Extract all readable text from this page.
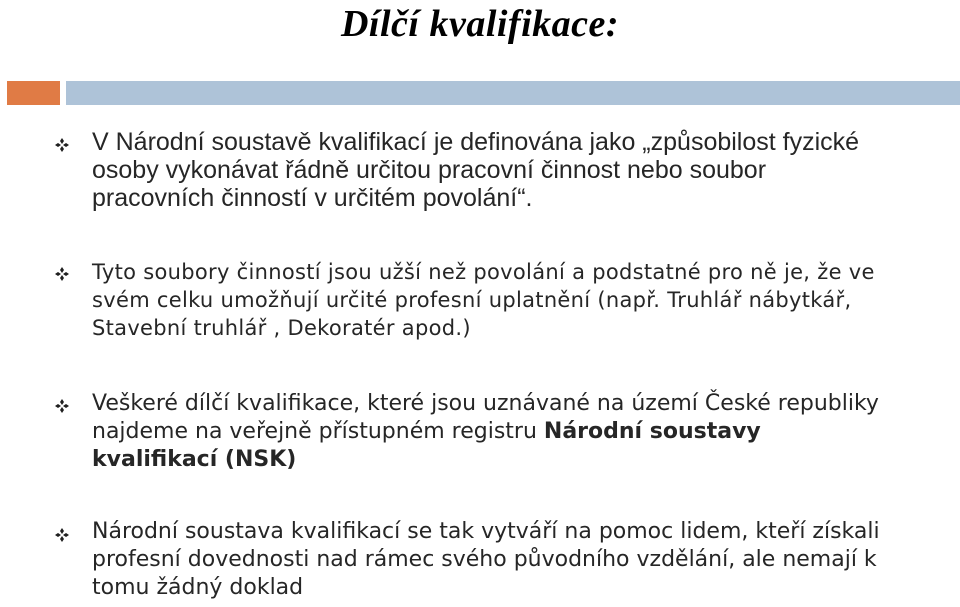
Dílčí kvalifikace:
V Národní soustavě kvalifikací je definována jako „způsobilost fyzické osoby vykonávat řádně určitou pracovní činnost nebo soubor pracovních činností v určitém povolání“.
Tyto soubory činností jsou užší než povolání a podstatné pro ně je, že ve svém celku umožňují určité profesní uplatnění (např. Truhlář nábytkář, Stavební truhlář , Dekoratér apod.)
Veškeré dílčí kvalifikace, které jsou uznávané na území České republiky najdeme na veřejně přístupném registru Národní soustavy kvalifikací (NSK)
Národní soustava kvalifikací se tak vytváří na pomoc lidem, kteří získali profesní dovednosti nad rámec svého původního vzdělání, ale nemají k tomu žádný doklad
